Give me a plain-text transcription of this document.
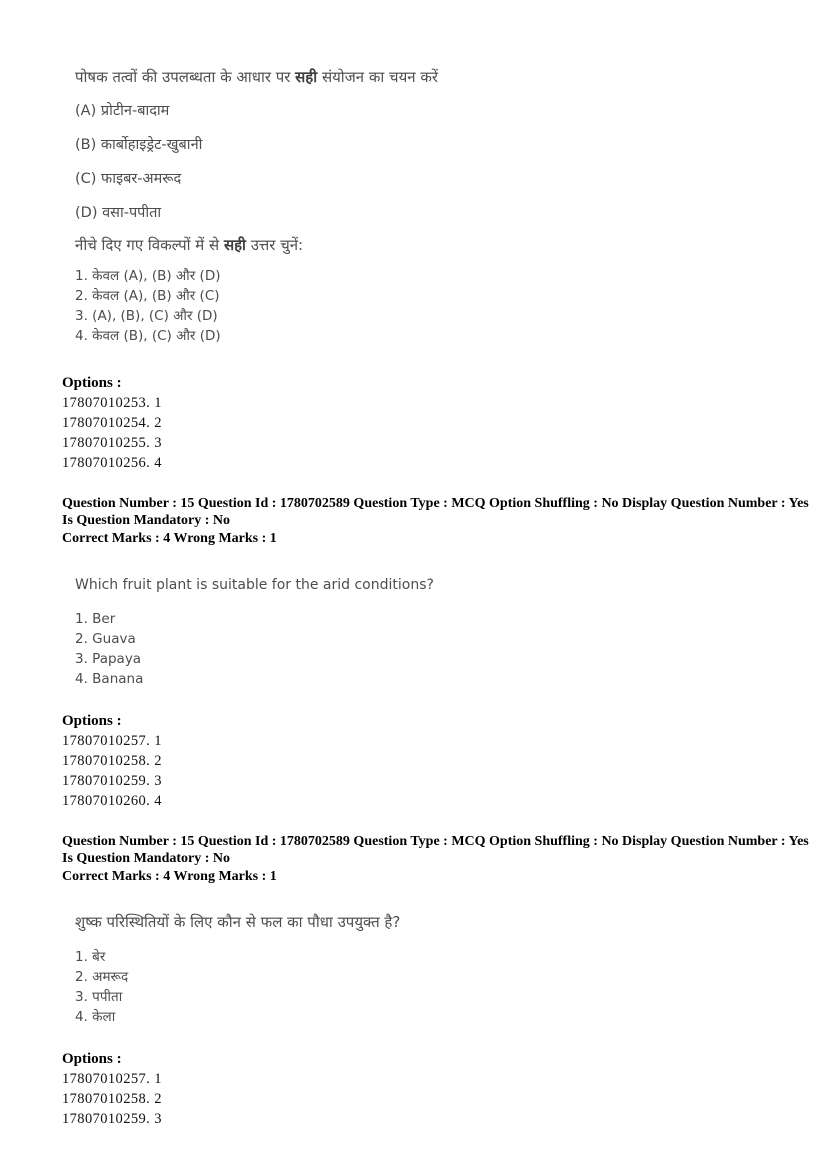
पोषक तत्वों की उपलब्धता के आधार पर सही संयोजन का चयन करें

(A) प्रोटीन-बादाम

(B) कार्बोहाइड्रेट-खुबानी

(C) फाइबर-अमरूद

(D) वसा-पपीता

नीचे दिए गए विकल्पों में से सही उत्तर चुनें:

1. केवल (A), (B) और (D)

2. केवल (A), (B) और (C)

3. (A), (B), (C) और (D)

4. केवल (B), (C) और (D)

Options :

17807010253. 1

17807010254. 2

17807010255. 3

17807010256. 4

Question Number : 15 Question Id : 1780702589 Question Type : MCQ Option Shuffling : No Display Question Number : Yes

Is Question Mandatory : No

Correct Marks : 4 Wrong Marks : 1

Which fruit plant is suitable for the arid conditions?

1. Ber

2. Guava

3. Papaya

4. Banana

Options :

17807010257. 1

17807010258. 2

17807010259. 3

17807010260. 4

Question Number : 15 Question Id : 1780702589 Question Type : MCQ Option Shuffling : No Display Question Number : Yes

Is Question Mandatory : No

Correct Marks : 4 Wrong Marks : 1

शुष्क परिस्थितियों के लिए कौन से फल का पौधा उपयुक्त है?

1. बेर

2. अमरूद

3. पपीता

4. केला

Options :

17807010257. 1

17807010258. 2

17807010259. 3
